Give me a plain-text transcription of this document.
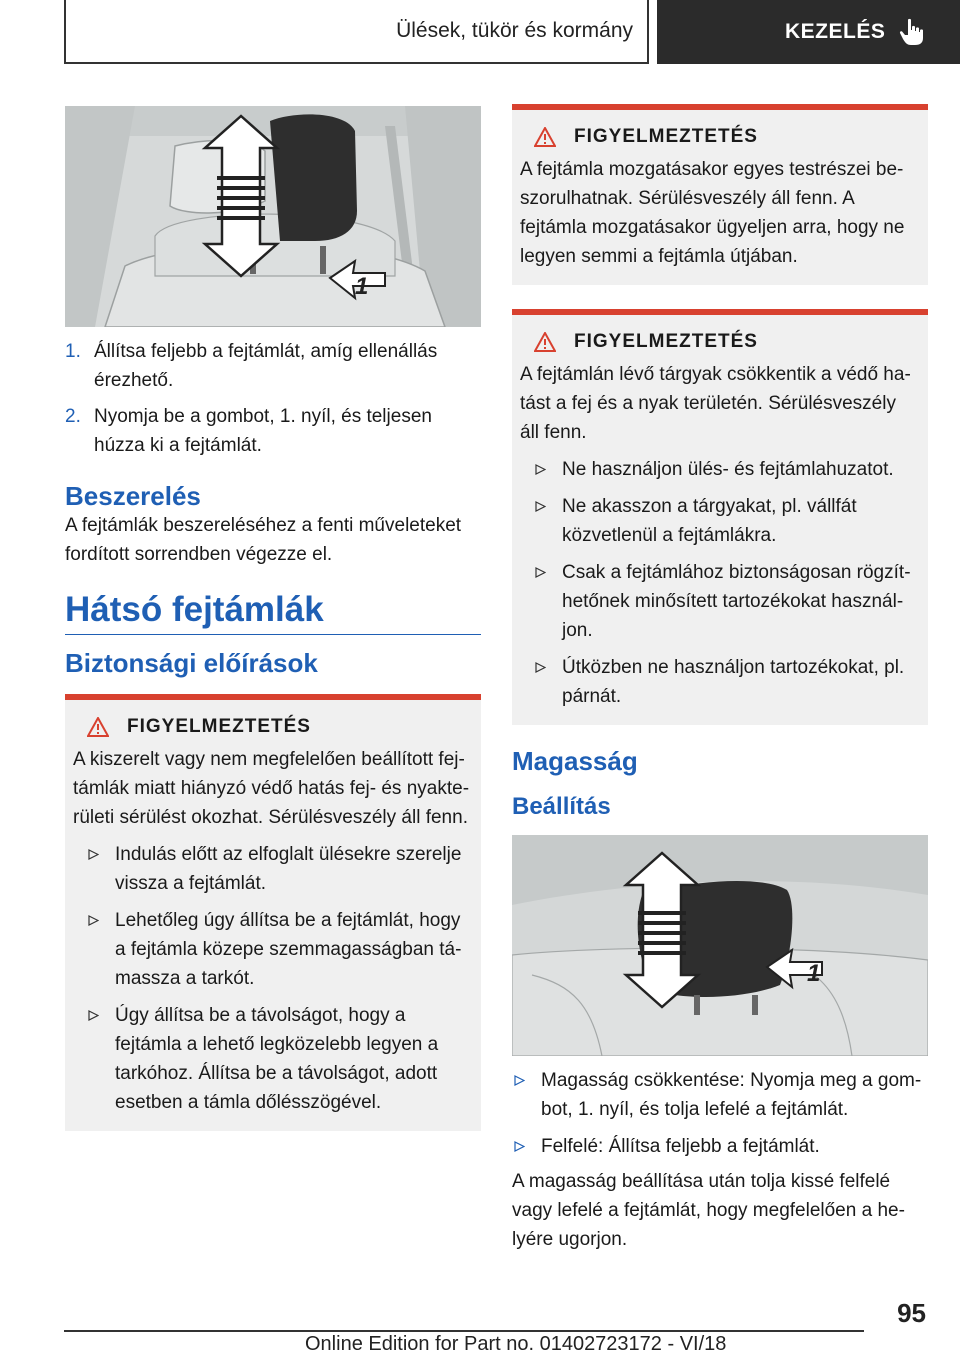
Ülések, tükör és kormány	KEZELÉS
1
1. Állítsa feljebb a fejtámlát, amíg ellenállás érezhető.
2. Nyomja be a gombot, 1. nyíl, és teljesen húzza ki a fejtámlát.
Beszerelés

A fejtámlák beszereléséhez a fenti műveleteket fordított sorrendben végezze el.

Hátsó fejtámlák
Biztonsági előírások
FIGYELMEZTETÉS

A kiszerelt vagy nem megfelelően beállított fejtámlák miatt hiányzó védő hatás fej- és nyakterületi sérülést okozhat. Sérülésveszély áll fenn.

Indulás előtt az elfoglalt ülésekre szerelje vissza a fejtámlát.
Lehetőleg úgy állítsa be a fejtámlát, hogy a fejtámla közepe szemmagasságban támassza a tarkót.
Úgy állítsa be a távolságot, hogy a fejtámla a lehető legközelebb legyen a tarkóhoz. Állítsa be a távolságot, adott esetben a támla dőlésszögével.
FIGYELMEZTETÉS

A fejtámla mozgatásakor egyes testrészei beszorulhatnak. Sérülésveszély áll fenn. A fejtámla mozgatásakor ügyeljen arra, hogy ne legyen semmi a fejtámla útjában.

FIGYELMEZTETÉS

A fejtámlán lévő tárgyak csökkentik a védő hatást a fej és a nyak területén. Sérülésveszély áll fenn.

Ne használjon ülés- és fejtámlahuzatot.
Ne akasszon a tárgyakat, pl. vállfát közvetlenül a fejtámlákra.
Csak a fejtámlához biztonságosan rögzíthetőnek minősített tartozékokat használjon.
Útközben ne használjon tartozékokat, pl. párnát.
Magasság
Beállítás
1
Magasság csökkentése: Nyomja meg a gombot, 1. nyíl, és tolja lefelé a fejtámlát.
Felfelé: Állítsa feljebb a fejtámlát.

A magasság beállítása után tolja kissé felfelé vagy lefelé a fejtámlát, hogy megfelelően a helyére ugorjon.

95
Online Edition for Part no. 01402723172 - VI/18
